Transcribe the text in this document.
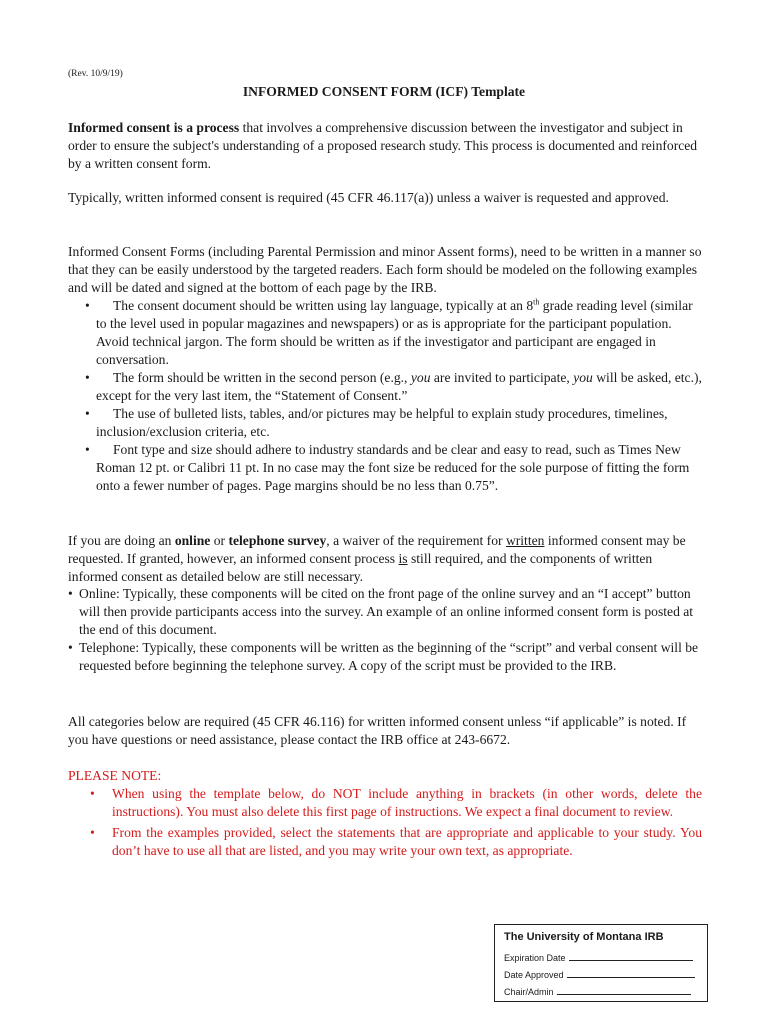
(Rev. 10/9/19)
INFORMED CONSENT FORM (ICF) Template

Informed consent is a process that involves a comprehensive discussion between the investigator and subject in order to ensure the subject's understanding of a proposed research study. This process is documented and reinforced by a written consent form.

Typically, written informed consent is required (45 CFR 46.117(a)) unless a waiver is requested and approved.

Informed Consent Forms (including Parental Permission and minor Assent forms), need to be written in a manner so that they can be easily understood by the targeted readers. Each form should be modeled on the following examples and will be dated and signed at the bottom of each page by the IRB.

• The consent document should be written using lay language, typically at an 8th grade reading level (similar to the level used in popular magazines and newspapers) or as is appropriate for the participant population. Avoid technical jargon. The form should be written as if the investigator and participant are engaged in conversation.
• The form should be written in the second person (e.g., you are invited to participate, you will be asked, etc.), except for the very last item, the “Statement of Consent.”
• The use of bulleted lists, tables, and/or pictures may be helpful to explain study procedures, timelines, inclusion/exclusion criteria, etc.
• Font type and size should adhere to industry standards and be clear and easy to read, such as Times New Roman 12 pt. or Calibri 11 pt. In no case may the font size be reduced for the sole purpose of fitting the form onto a fewer number of pages. Page margins should be no less than 0.75”.

If you are doing an online or telephone survey, a waiver of the requirement for written informed consent may be requested. If granted, however, an informed consent process is still required, and the components of written informed consent as detailed below are still necessary.

• Online: Typically, these components will be cited on the front page of the online survey and an “I accept” button will then provide participants access into the survey. An example of an online informed consent form is posted at the end of this document.
• Telephone: Typically, these components will be written as the beginning of the “script” and verbal consent will be requested before beginning the telephone survey. A copy of the script must be provided to the IRB.

All categories below are required (45 CFR 46.116) for written informed consent unless “if applicable” is noted. If you have questions or need assistance, please contact the IRB office at 243-6672.

PLEASE NOTE:
• When using the template below, do NOT include anything in brackets (in other words, delete the instructions). You must also delete this first page of instructions. We expect a final document to review.
• From the examples provided, select the statements that are appropriate and applicable to your study. You don’t have to use all that are listed, and you may write your own text, as appropriate.
The University of Montana IRB
Expiration Date
Date Approved
Chair/Admin
